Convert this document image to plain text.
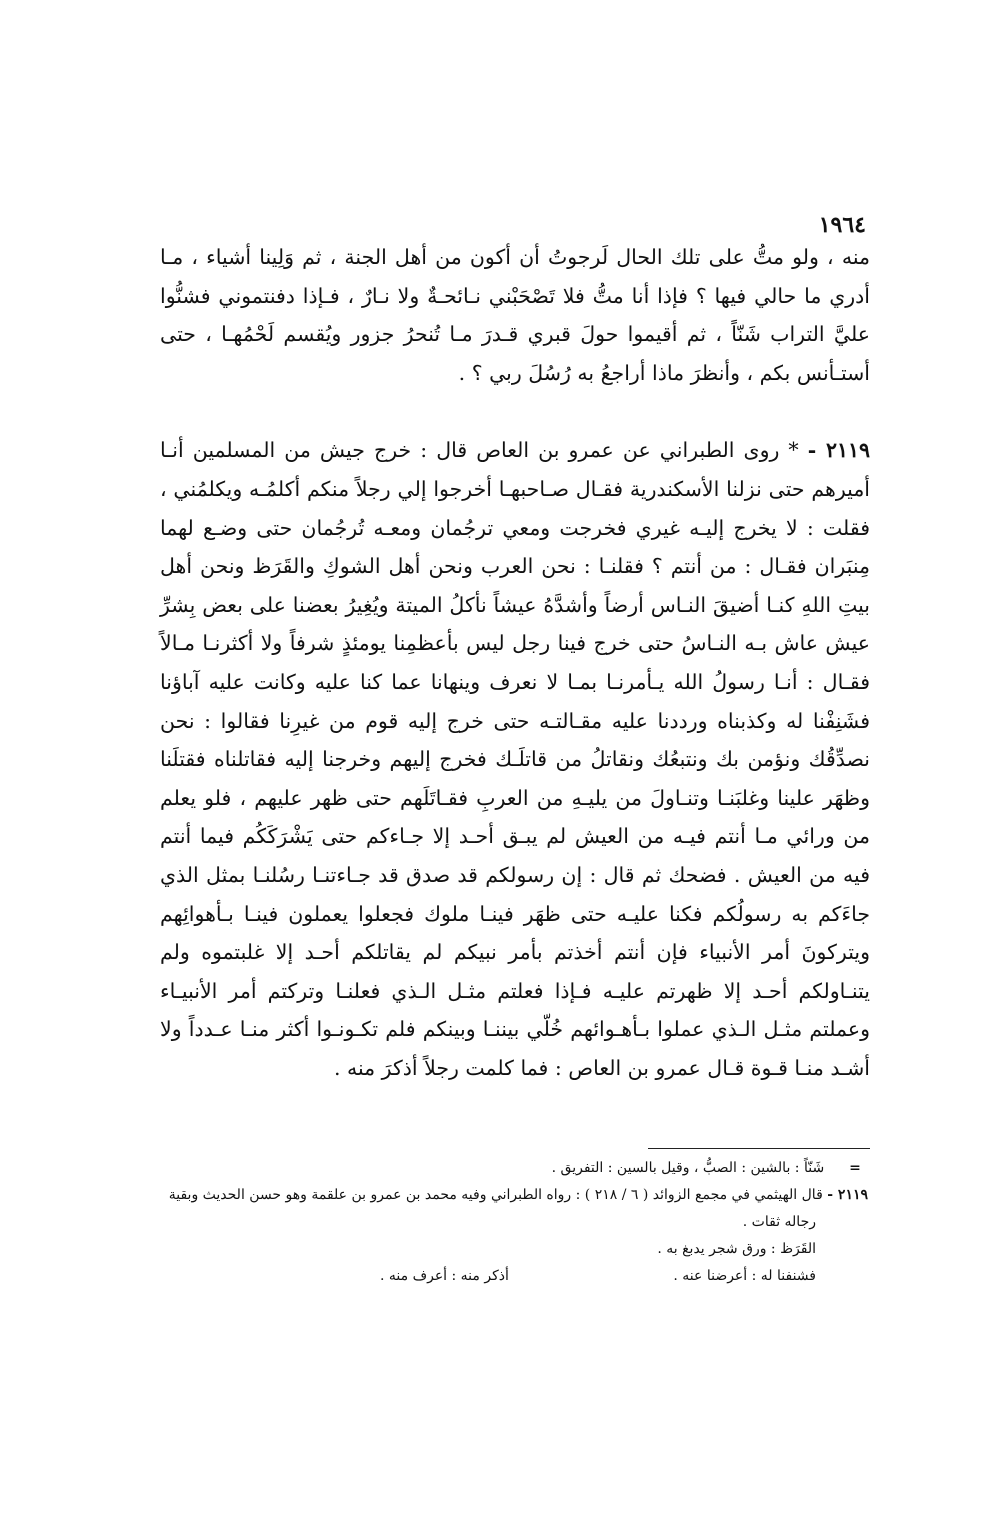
١٩٦٤

منه ، ولو متُّ على تلك الحال لَرجوتُ أن أكون من أهل الجنة ، ثم وَلِينا أشياء ، مـا أدري ما حالي فيها ؟ فإذا أنا متُّ فلا تَصْحَبْني نـائحـةٌ ولا نـارٌ ، فـإذا دفنتموني فشنُّوا عليَّ التراب شَنّاً ، ثم أقيموا حولَ قبري قـدرَ مـا تُنحرُ جزور ويُقسم لَحْمُهـا ، حتى أستـأنس بكم ، وأنظرَ ماذا أراجعُ به رُسُلَ ربي ؟ .

٢١١٩ - * روى الطبراني عن عمرو بن العاص قال : خرج جيش من المسلمين أنـا أميرهم حتى نزلنا الأسكندرية فقـال صـاحبهـا أخرجوا إلي رجلاً منكم أكلمُـه ويكلمُني ، فقلت : لا يخرج إليـه غيري فخرجت ومعي ترجُمان ومعـه تُرجُمان حتى وضـع لهما مِنبَران فقـال : من أنتم ؟ فقلنـا : نحن العرب ونحن أهل الشوكِ والقَرَظ ونحن أهل بيتِ اللهِ كنـا أضيقَ النـاس أرضاً وأشدَّهُ عيشاً نأكلُ الميتة ويُغِيرُ بعضنا على بعض بِشرِّ عيش عاش بـه النـاسُ حتى خرج فينا رجل ليس بأعظمِنا يومئذٍ شرفاً ولا أكثرنـا مـالاً فقـال : أنـا رسولُ الله يـأمرنـا بمـا لا نعرف وينهانا عما كنا عليه وكانت عليه آباؤنا فشَنِفْنا له وكذبناه ورددنا عليه مقـالتـه حتى خرج إليه قوم من غيرِنا فقالوا : نحن نصدِّقُك ونؤمن بك ونتبعُك ونقاتلُ من قاتلَـك فخرج إليهم وخرجنا إليه فقاتلناه فقتلَنا وظهَر علينا وغلبَنـا وتنـاولَ من يليـهِ من العربِ فقـاتَلَهم حتى ظهر عليهم ، فلو يعلم من ورائي مـا أنتم فيـه من العيش لم يبـق أحـد إلا جـاءكم حتى يَشْرَكَكُم فيما أنتم فيه من العيش . فضحك ثم قال : إن رسولكم قد صدق قد جـاءتنـا رسُلنـا بمثل الذي جاءَكم به رسولُكم فكنا عليـه حتى ظهَر فينـا ملوك فجعلوا يعملون فينـا بـأهوائِهم ويتركونَ أمر الأنبياء فإن أنتم أخذتم بأمر نبيكم لم يقاتلكم أحـد إلا غلبتموه ولم يتنـاولكم أحـد إلا ظهرتم عليـه فـإذا فعلتم مثـل الـذي فعلنـا وتركتم أمر الأنبيـاء وعملتم مثـل الـذي عملوا بـأهـوائهم خُلّي بيننـا وبينكم فلم تكـونـوا أكثر منـا عـدداً ولا أشـد منـا قـوة قـال عمرو بن العاص : فما كلمت رجلاً أذكرَ منه .

=    شَنّاً : بالشين : الصبُّ ، وقيل بالسين : التفريق .
٢١١٩ - قال الهيثمي في مجمع الزوائد ( ٦ / ٢١٨ ) : رواه الطبراني وفيه محمد بن عمرو بن علقمة وهو حسن الحديث وبقية
رجاله ثقات .
القَرَظ : ورق شجر يدبغ به .
فشنفنا له : أعرضنا عنه .
أذكر منه : أعرف منه .
